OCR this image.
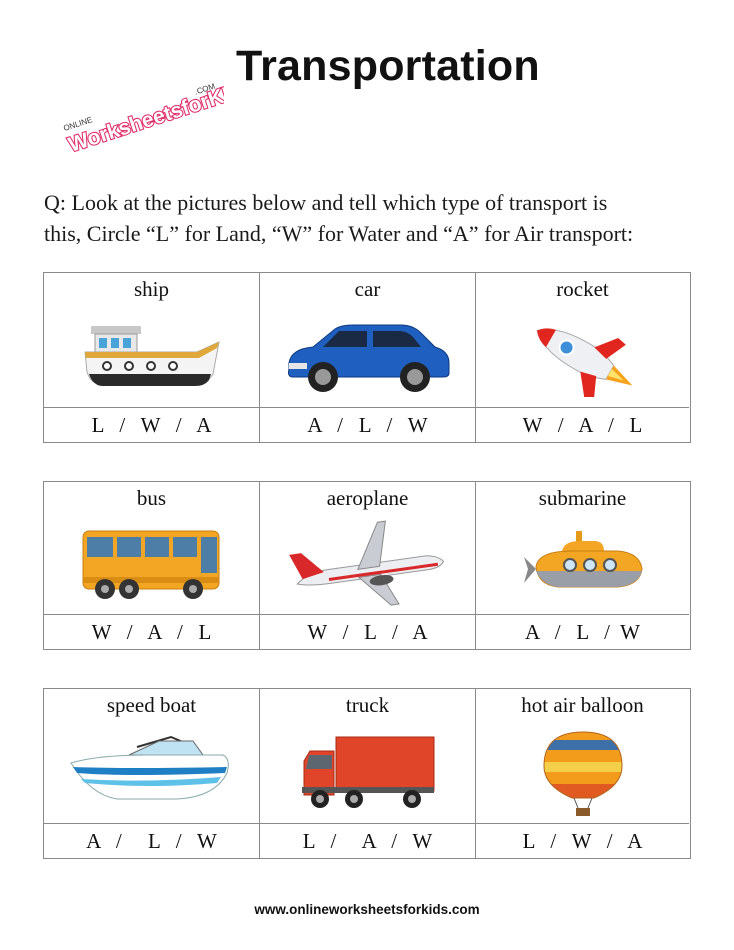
ONLINE
WorksheetsforKIDS
.COM Transportation
Q: Look at the pictures below and tell which type of transport is
this, Circle “L” for Land, “W” for Water and “A” for Air transport:
ship
L   /   W   /   A
car
A   /   L   /   W
rocket
W   /   A   /   L
bus
W   /   A   /   L
aeroplane
W   /   L   /   A
submarine
A   /   L   /  W
speed boat
A   /     L   /   W
truck
L   /     A   /   W
hot air balloon
L   /   W   /   A
www.onlineworksheetsforkids.com
